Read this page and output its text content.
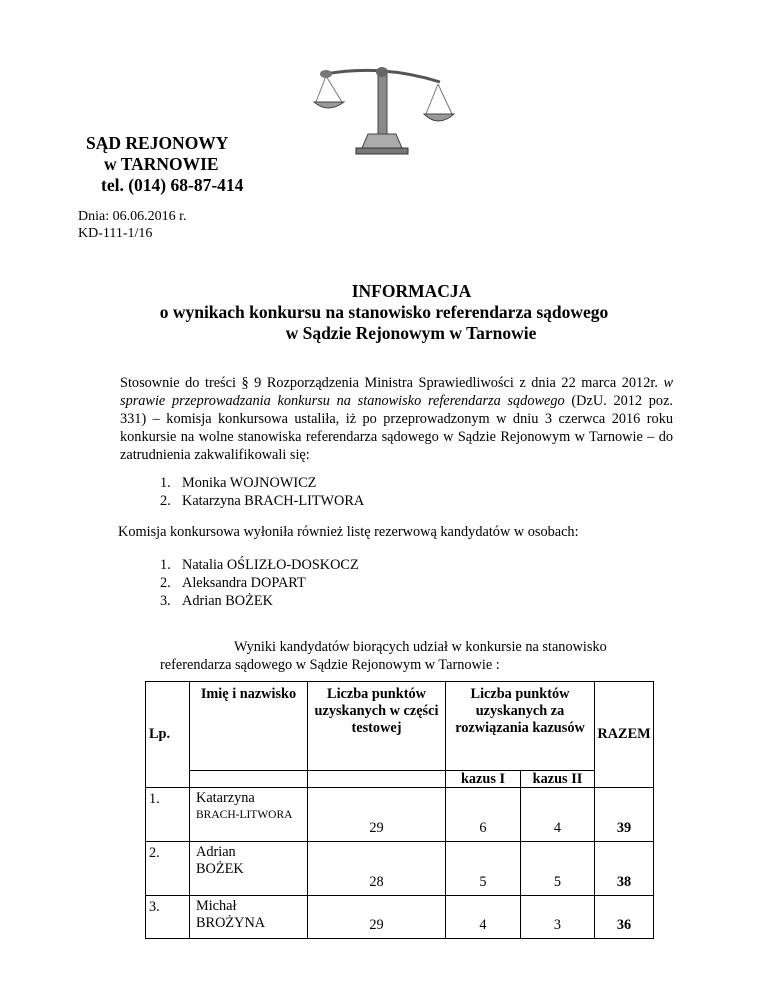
SĄD REJONOWY
w TARNOWIE
tel. (014) 68-87-414
Dnia: 06.06.2016 r.
KD-111-1/16
INFORMACJA
o wynikach konkursu na stanowisko referendarza sądowego
w Sądzie Rejonowym w Tarnowie
Stosownie do treści § 9 Rozporządzenia Ministra Sprawiedliwości z dnia 22 marca 2012r. w sprawie przeprowadzania konkursu na stanowisko referendarza sądowego (DzU. 2012 poz. 331) – komisja konkursowa ustaliła, iż po przeprowadzonym w dniu 3 czerwca 2016 roku konkursie na wolne stanowiska referendarza sądowego w Sądzie Rejonowym w Tarnowie – do zatrudnienia zakwalifikowali się:
1. Monika WOJNOWICZ
2. Katarzyna BRACH-LITWORA
Komisja konkursowa wyłoniła również listę rezerwową kandydatów w osobach:
1. Natalia OŚLIZŁO-DOSKOCZ
2. Aleksandra DOPART
3. Adrian BOŻEK
Wyniki kandydatów biorących udział w konkursie na stanowisko referendarza sądowego w Sądzie Rejonowym w Tarnowie :
Lp.	Imię i nazwisko	Liczba punktów uzyskanych w części testowej	Liczba punktów uzyskanych za rozwiązania kazusów		RAZEM
			kazus I	kazus II	
1.	Katarzyna
BRACH-LITWORA	29	6	4	39
2.	Adrian
BOŻEK	28	5	5	38
3.	Michał
BROŻYNA	29	4	3	36
